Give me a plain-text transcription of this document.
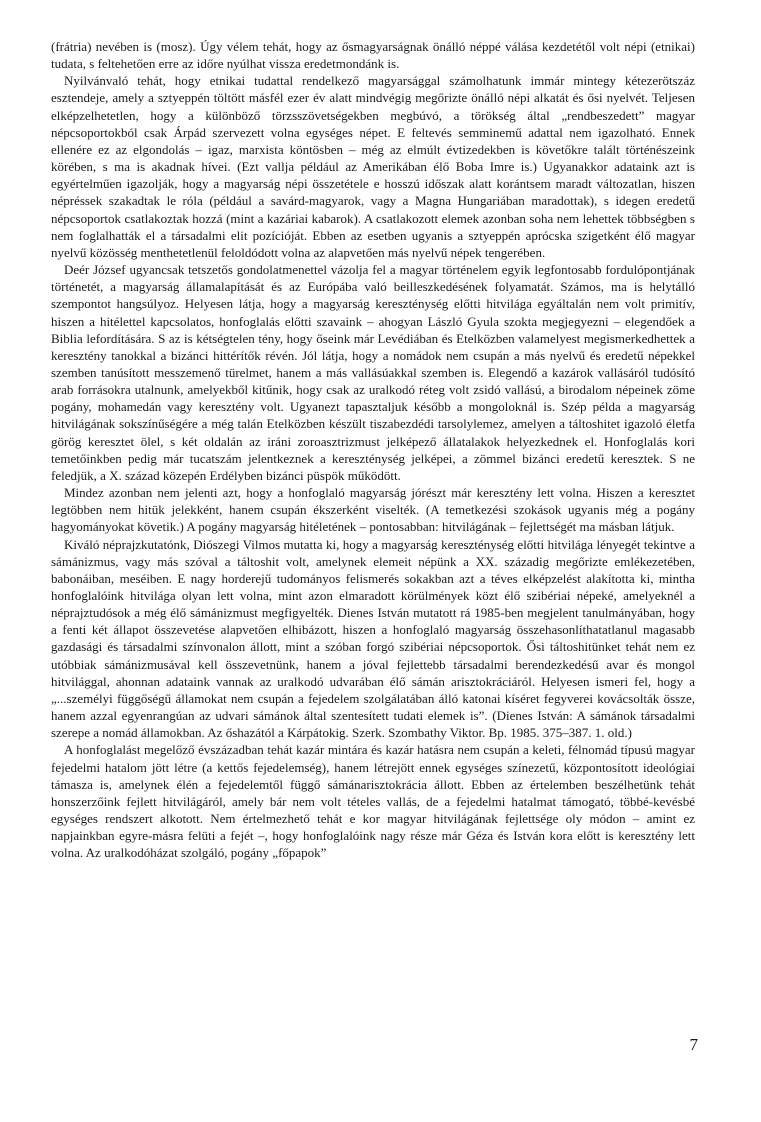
(frátria) nevében is (mosz). Úgy vélem tehát, hogy az ősmagyarságnak önálló néppé válása kezdetétől volt népi (etnikai) tudata, s feltehetően erre az időre nyúlhat vissza eredetmondánk is.

Nyilvánvaló tehát, hogy etnikai tudattal rendelkező magyarsággal számolhatunk immár mintegy kétezerötszáz esztendeje, amely a sztyeppén töltött másfél ezer év alatt mindvégig megőrizte önálló népi alkatát és ősi nyelvét. Teljesen elképzelhetetlen, hogy a különböző törzsszövetségekben megbúvó, a törökség által „rendbeszedett” magyar népcsoportokból csak Árpád szervezett volna egységes népet. E feltevés semminemű adattal nem igazolható. Ennek ellenére ez az elgondolás – igaz, marxista köntösben – még az elmúlt évtizedekben is követőkre talált történészeink körében, s ma is akadnak hívei. (Ezt vallja például az Amerikában élő Boba Imre is.) Ugyanakkor adataink azt is egyértelműen igazolják, hogy a magyarság népi összetétele e hosszú időszak alatt korántsem maradt változatlan, hiszen népréssek szakadtak le róla (például a savárd-magyarok, vagy a Magna Hungariában maradottak), s idegen eredetű népcsoportok csatlakoztak hozzá (mint a kazáriai kabarok). A csatlakozott elemek azonban soha nem lehettek többségben s nem foglalhatták el a társadalmi elit pozícióját. Ebben az esetben ugyanis a sztyeppén aprócska szigetként élő magyar nyelvű közösség menthetetlenül feloldódott volna az alapvetően más nyelvű népek tengerében.

Deér József ugyancsak tetszetős gondolatmenettel vázolja fel a magyar történelem egyik legfontosabb fordulópontjának történetét, a magyarság államalapítását és az Európába való beilleszkedésének folyamatát. Számos, ma is helytálló szempontot hangsúlyoz. Helyesen látja, hogy a magyarság kereszténység előtti hitvilága egyáltalán nem volt primitív, hiszen a hitélettel kapcsolatos, honfoglalás előtti szavaink – ahogyan László Gyula szokta megjegyezni – elegendőek a Biblia lefordítására. S az is kétségtelen tény, hogy őseink már Levédiában és Etelközben valamelyest megismerkedhettek a keresztény tanokkal a bizánci hittérítők révén. Jól látja, hogy a nomádok nem csupán a más nyelvű és eredetű népekkel szemben tanúsított messzemenő türelmet, hanem a más vallásúakkal szemben is. Elegendő a kazárok vallásáról tudósító arab forrásokra utalnunk, amelyekből kitűnik, hogy csak az uralkodó réteg volt zsidó vallású, a birodalom népeinek zöme pogány, mohamedán vagy keresztény volt. Ugyanezt tapasztaljuk később a mongoloknál is. Szép példa a magyarság hitvilágának sokszínűségére a még talán Etelközben készült tiszabezdédi tarsolylemez, amelyen a táltoshitet igazoló életfa görög keresztet ölel, s két oldalán az iráni zoroasztrizmust jelképező állatalakok helyezkednek el. Honfoglalás kori temetőinkben pedig már tucatszám jelentkeznek a kereszténység jelképei, a zömmel bizánci eredetű keresztek. S ne feledjük, a X. század közepén Erdélyben bizánci püspök működött.

Mindez azonban nem jelenti azt, hogy a honfoglaló magyarság jórészt már keresztény lett volna. Hiszen a keresztet legtöbben nem hitük jelekként, hanem csupán ékszerként viselték. (A temetkezési szokások ugyanis még a pogány hagyományokat követik.) A pogány magyarság hitéletének – pontosabban: hitvilágának – fejlettségét ma másban látjuk.

Kiváló néprajzkutatónk, Diószegi Vilmos mutatta ki, hogy a magyarság kereszténység előtti hitvilága lényegét tekintve a sámánizmus, vagy más szóval a táltoshit volt, amelynek elemeit népünk a XX. századig megőrizte emlékezetében, babonáiban, meséiben. E nagy horderejű tudományos felismerés sokakban azt a téves elképzelést alakította ki, mintha honfoglalóink hitvilága olyan lett volna, mint azon elmaradott körülmények közt élő szibériai népeké, amelyeknél a néprajztudósok a még élő sámánizmust megfigyelték. Dienes István mutatott rá 1985-ben megjelent tanulmányában, hogy a fenti két állapot összevetése alapvetően elhibázott, hiszen a honfoglaló magyarság összehasonlíthatatlanul magasabb gazdasági és társadalmi színvonalon állott, mint a szóban forgó szibériai népcsoportok. Ősi táltoshitünket tehát nem ez utóbbiak sámánizmusával kell összevetnünk, hanem a jóval fejlettebb társadalmi berendezkedésű avar és mongol hitvilággal, ahonnan adataink vannak az uralkodó udvarában élő sámán arisztokráciáról. Helyesen ismeri fel, hogy a „...személyi függőségű államokat nem csupán a fejedelem szolgálatában álló katonai kíséret fegyverei kovácsolták össze, hanem azzal egyenrangúan az udvari sámánok által szentesített tudati elemek is”. (Dienes István: A sámánok társadalmi szerepe a nomád államokban. Az őshazától a Kárpátokig. Szerk. Szombathy Viktor. Bp. 1985. 375–387. 1. old.)

A honfoglalást megelőző évszázadban tehát kazár mintára és kazár hatásra nem csupán a keleti, félnomád típusú magyar fejedelmi hatalom jött létre (a kettős fejedelemség), hanem létrejött ennek egységes színezetű, központosított ideológiai támasza is, amelynek élén a fejedelemtől függő sámánarisztokrácia állott. Ebben az értelemben beszélhetünk tehát honszerzőink fejlett hitvilágáról, amely bár nem volt tételes vallás, de a fejedelmi hatalmat támogató, többé-kevésbé egységes rendszert alkotott. Nem értelmezhető tehát e kor magyar hitvilágának fejlettsége oly módon – amint ez napjainkban egyre-másra felüti a fejét –, hogy honfoglalóink nagy része már Géza és István kora előtt is keresztény lett volna. Az uralkodóházat szolgáló, pogány „főpapok”

7
